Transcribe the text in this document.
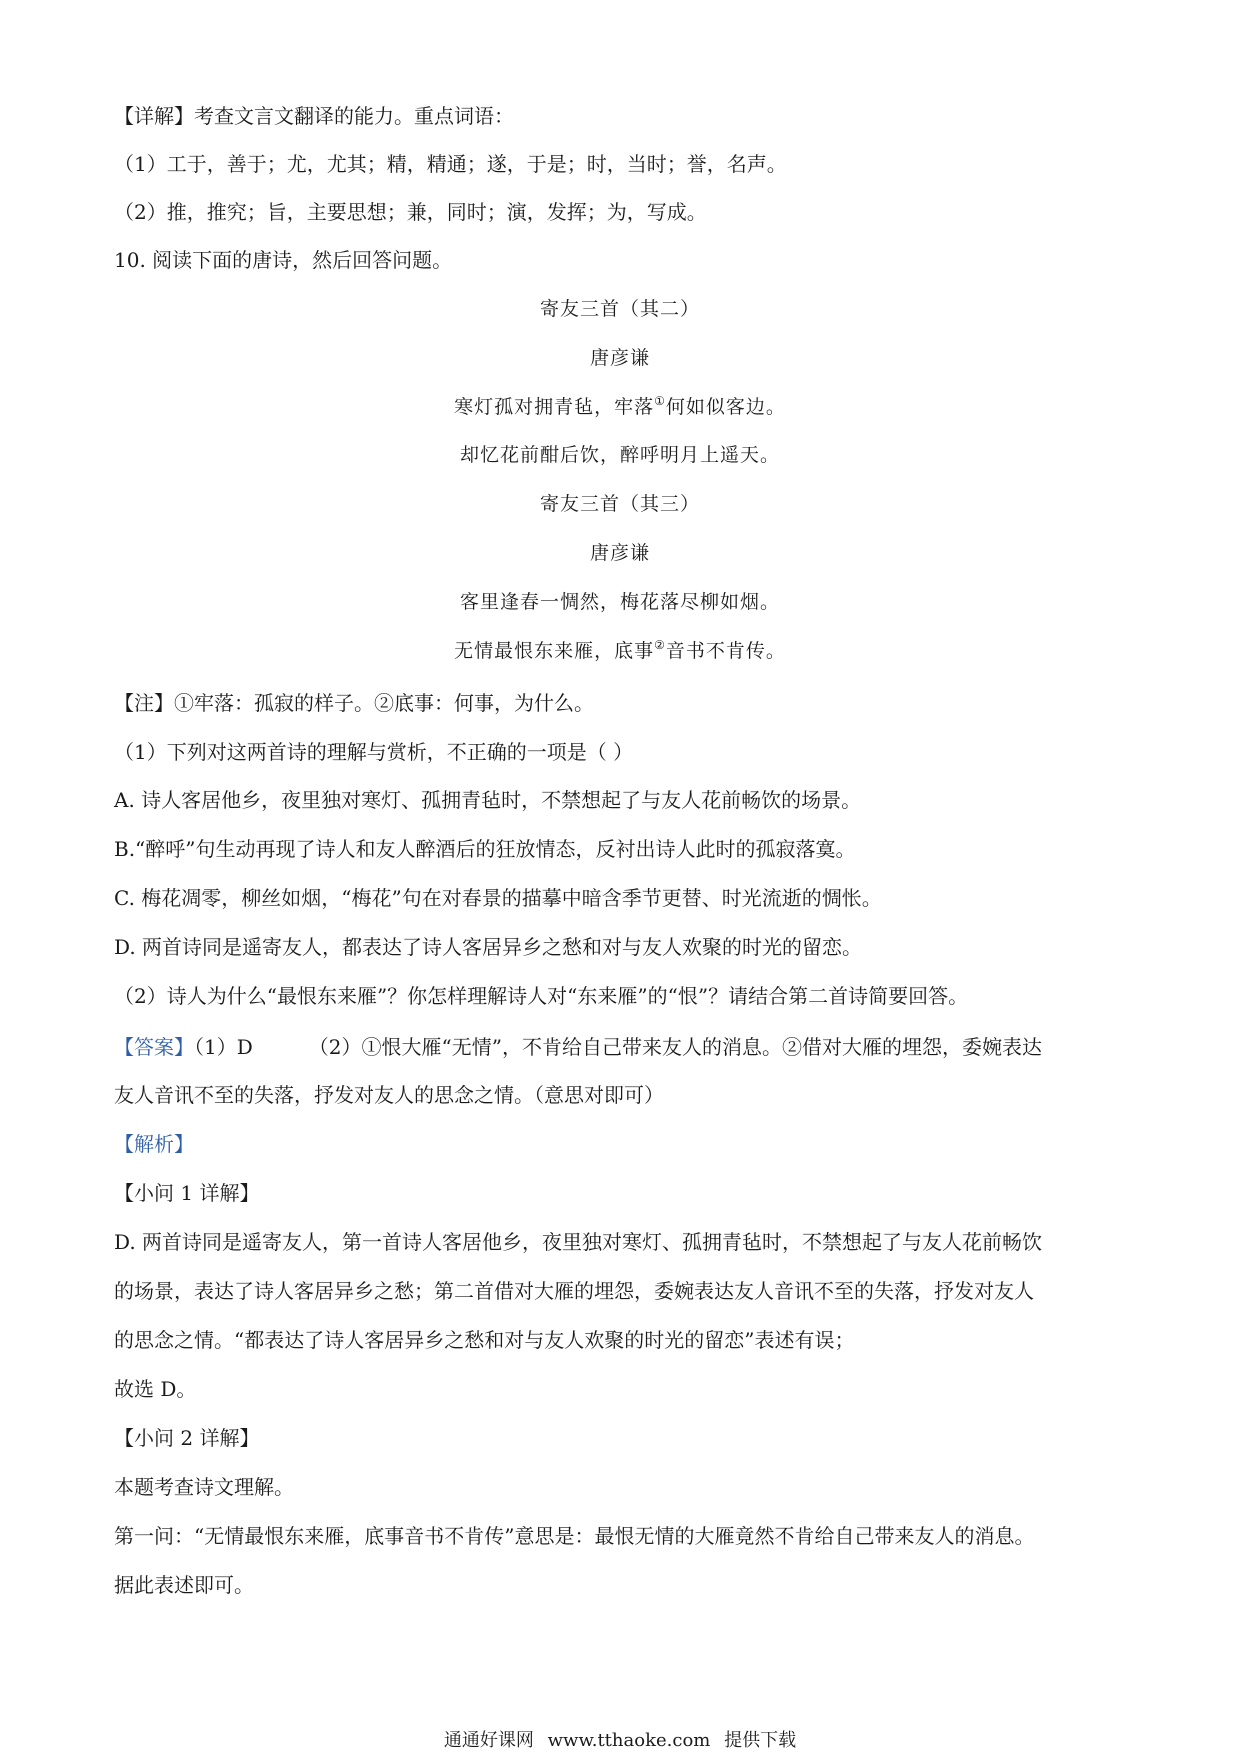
【详解】考查文言文翻译的能力。重点词语：
（1）工于，善于；尤，尤其；精，精通；遂，于是；时，当时；誉，名声。
（2）推，推究；旨，主要思想；兼，同时；演，发挥；为，写成。
10. 阅读下面的唐诗，然后回答问题。
寄友三首（其二）
唐彦谦
寒灯孤对拥青毡，牢落①何如似客边。
却忆花前酣后饮，醉呼明月上遥天。
寄友三首（其三）
唐彦谦
客里逢春一惆然，梅花落尽柳如烟。
无情最恨东来雁，底事②音书不肯传。
【注】①牢落：孤寂的样子。②底事：何事，为什么。
（1）下列对这两首诗的理解与赏析，不正确的一项是（ ）
A. 诗人客居他乡，夜里独对寒灯、孤拥青毡时，不禁想起了与友人花前畅饮的场景。
B.“醉呼”句生动再现了诗人和友人醉酒后的狂放情态，反衬出诗人此时的孤寂落寞。
C. 梅花凋零，柳丝如烟，“梅花”句在对春景的描摹中暗含季节更替、时光流逝的惆怅。
D. 两首诗同是遥寄友人，都表达了诗人客居异乡之愁和对与友人欢聚的时光的留恋。
（2）诗人为什么“最恨东来雁”？你怎样理解诗人对“东来雁”的“恨”？请结合第二首诗简要回答。
【答案】（1）D	（2）①恨大雁“无情”，不肯给自己带来友人的消息。②借对大雁的埋怨，委婉表达
友人音讯不至的失落，抒发对友人的思念之情。（意思对即可）
【解析】
【小问 1 详解】
D. 两首诗同是遥寄友人，第一首诗人客居他乡，夜里独对寒灯、孤拥青毡时，不禁想起了与友人花前畅饮
的场景，表达了诗人客居异乡之愁；第二首借对大雁的埋怨，委婉表达友人音讯不至的失落，抒发对友人
的思念之情。“都表达了诗人客居异乡之愁和对与友人欢聚的时光的留恋”表述有误；
故选 D。
【小问 2 详解】
本题考查诗文理解。
第一问：“无情最恨东来雁，底事音书不肯传”意思是：最恨无情的大雁竟然不肯给自己带来友人的消息。
据此表述即可。
通通好课网 www.tthaoke.com 提供下载
